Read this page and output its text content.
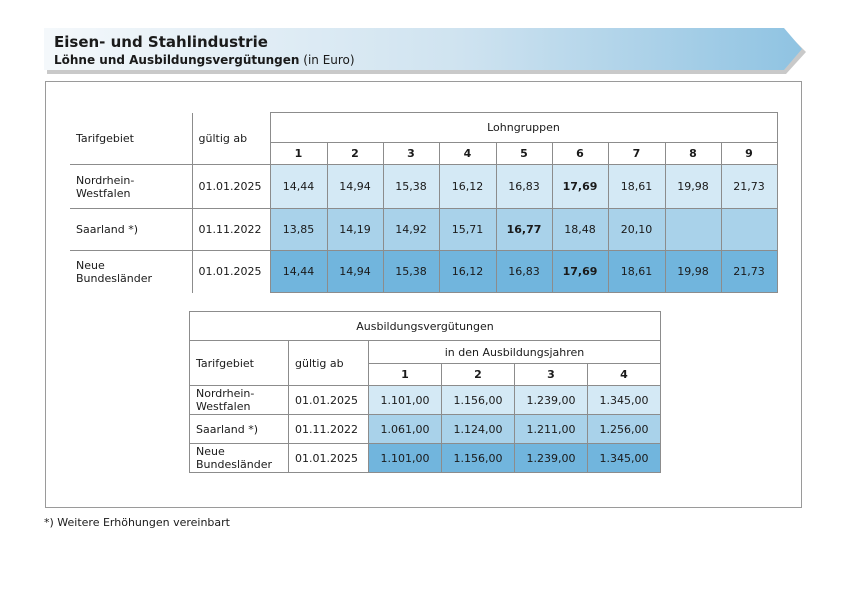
Eisen- und Stahlindustrie
Löhne und Ausbildungsvergütungen (in Euro)
Tarifgebiet	gültig ab	Lohngruppen								
		1	2	3	4	5	6	7	8	9
Nordrhein-
Westfalen	01.01.2025	14,44	14,94	15,38	16,12	16,83	17,69	18,61	19,98	21,73
Saarland *)	01.11.2022	13,85	14,19	14,92	15,71	16,77	18,48	20,10		
Neue
Bundesländer	01.01.2025	14,44	14,94	15,38	16,12	16,83	17,69	18,61	19,98	21,73
Ausbildungsvergütungen					
Tarifgebiet	gültig ab	in den Ausbildungsjahren			
		1	2	3	4
Nordrhein-
Westfalen	01.01.2025	1.101,00	1.156,00	1.239,00	1.345,00
Saarland *)	01.11.2022	1.061,00	1.124,00	1.211,00	1.256,00
Neue
Bundesländer	01.01.2025	1.101,00	1.156,00	1.239,00	1.345,00
*) Weitere Erhöhungen vereinbart
